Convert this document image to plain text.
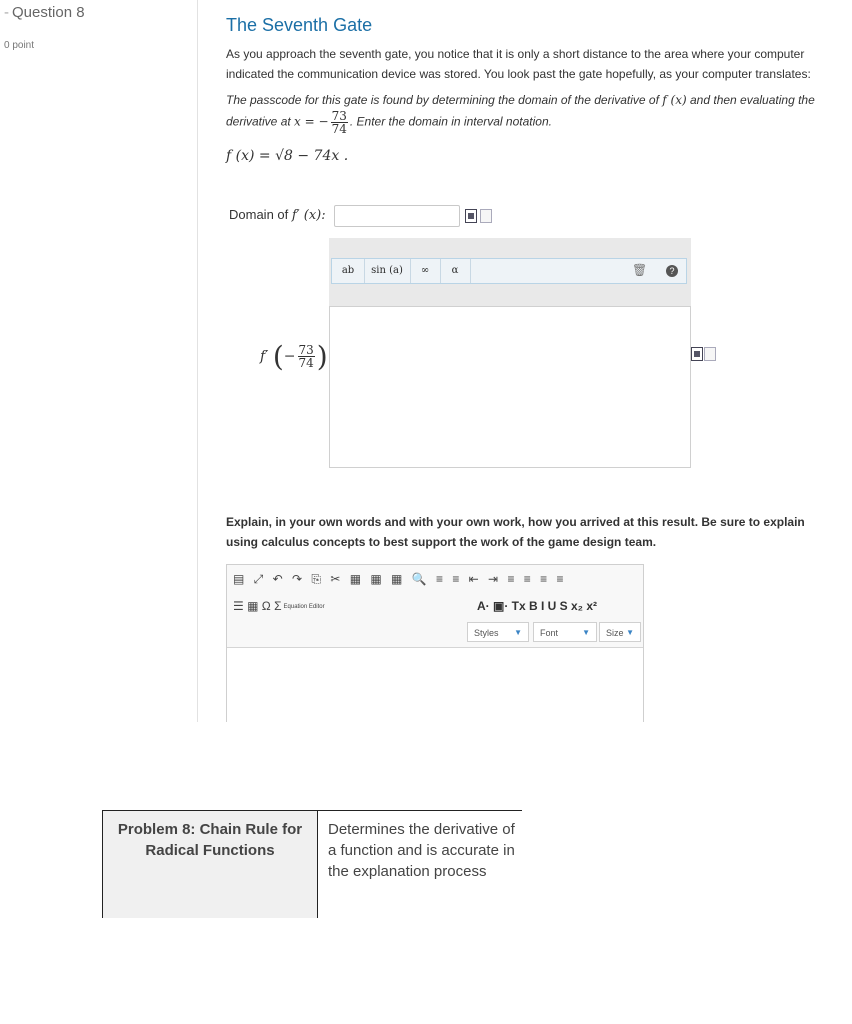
- Question 8
0 point
The Seventh Gate
As you approach the seventh gate, you notice that it is only a short distance to the area where your computer indicated the communication device was stored. You look past the gate hopefully, as your computer translates:
The passcode for this gate is found by determining the domain of the derivative of f (x) and then evaluating the derivative at x = − $\frac{73}{74}$ . Enter the domain in interval notation.
f (x) = √8 − 74x .
Domain of f′ (x):
ab	sin (a)	∞	α	🗑	?
f′ (− $\frac{73}{74}$ )
Explain, in your own words and with your own work, how you arrived at this result. Be sure to explain using calculus concepts to best support the work of the game design team.
▤ ⤢ ↶ ↷ ⎘ ✂ ▦ ▦ ▦ 🔍 ≡ ≡ ⇤ ⇥ ≡ ≡ ≡ ≡
☰ ▦ Ω Σ Equation Editor	A· ▣· Tx B I U S x₂ x²
Styles ▼	Font	▼	Size ▼
Problem 8: Chain Rule for Radical Functions
Determines the derivative of a function and is accurate in the explanation process
